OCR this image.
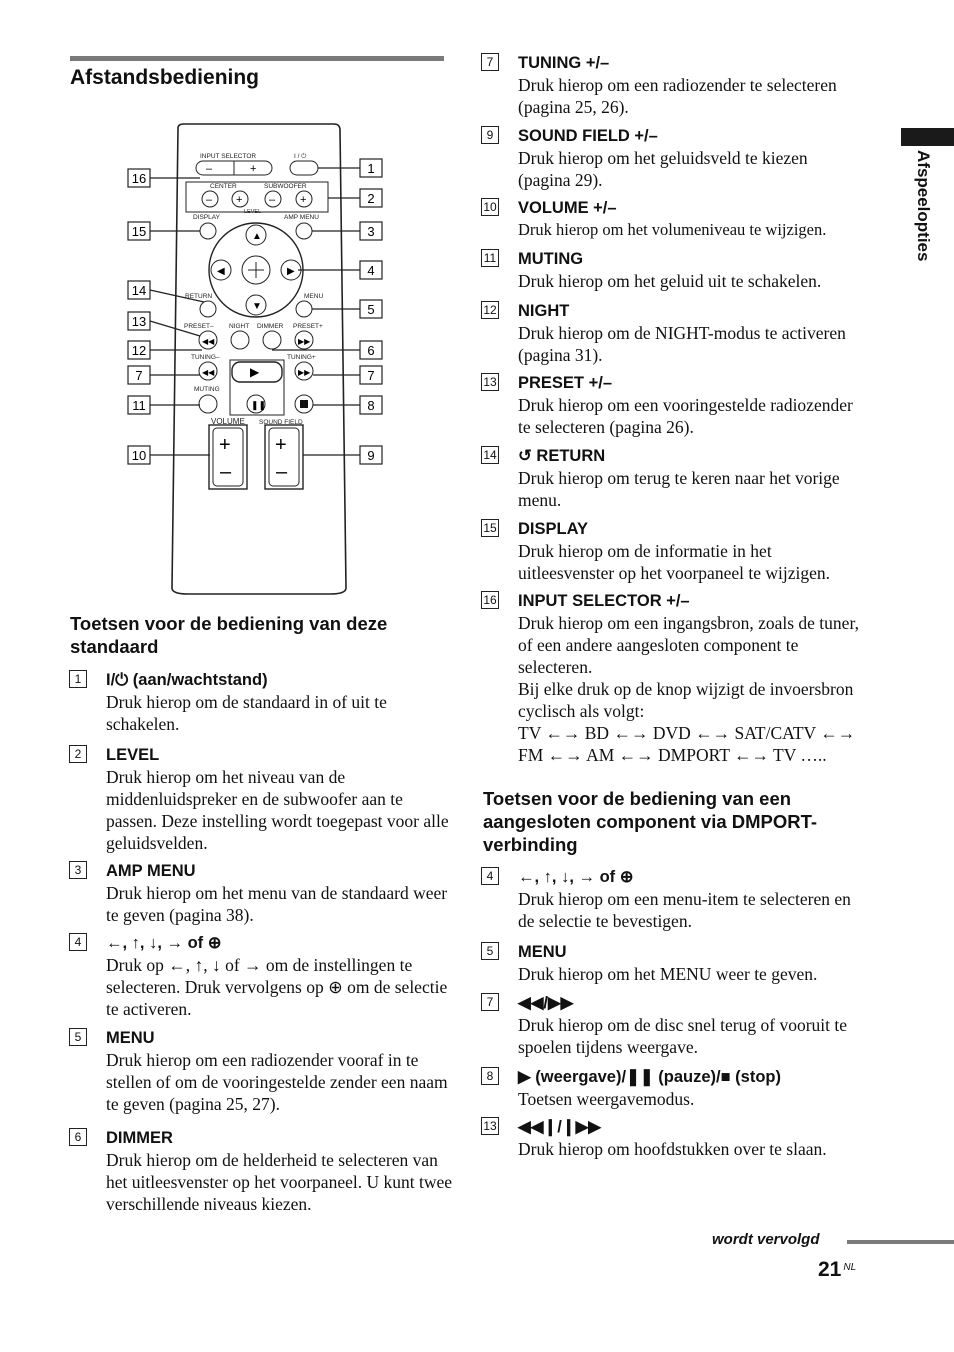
Afstandsbediening
INPUT SELECTOR	I / ⏻
CENTER	SUBWOOFER
LEVEL
DISPLAY	AMP MENU
RETURN	MENU
PRESET– NIGHT DIMMER PRESET+
TUNING–	TUNING+
MUTING
VOLUME SOUND FIELD
–	+
– + – +
▲
▼
◀	▶
◀◀	▶▶
◀◀	▶▶
▶
❚❚
+
–
+
–
16
15
14
13
12
7
11
10
1
2
3
4
5
6
7
8
9
Toetsen voor de bediening van deze standaard
1	I/⏻ (aan/wachtstand)
Druk hierop om de standaard in of uit te schakelen.
2	LEVEL
Druk hierop om het niveau van de middenluidspreker en de subwoofer aan te passen. Deze instelling wordt toegepast voor alle geluidsvelden.
3	AMP MENU
Druk hierop om het menu van de standaard weer te geven (pagina 38).
4	←, ↑, ↓, → of ⊕
Druk op ←, ↑, ↓ of → om de instellingen te selecteren. Druk vervolgens op ⊕ om de selectie te activeren.
5	MENU
Druk hierop om een radiozender vooraf in te stellen of om de vooringestelde zender een naam te geven (pagina 25, 27).
6	DIMMER
Druk hierop om de helderheid te selecteren van het uitleesvenster op het voorpaneel. U kunt twee verschillende niveaus kiezen.
7	TUNING +/–
Druk hierop om een radiozender te selecteren (pagina 25, 26).
9	SOUND FIELD +/–
Druk hierop om het geluidsveld te kiezen (pagina 29).
10 VOLUME +/–
Druk hierop om het volumeniveau te wijzigen.
11 MUTING
Druk hierop om het geluid uit te schakelen.
12 NIGHT
Druk hierop om de NIGHT-modus te activeren (pagina 31).
13 PRESET +/–
Druk hierop om een vooringestelde radiozender te selecteren (pagina 26).
14 ↺ RETURN
Druk hierop om terug te keren naar het vorige menu.
15 DISPLAY
Druk hierop om de informatie in het uitleesvenster op het voorpaneel te wijzigen.
16 INPUT SELECTOR +/–
Druk hierop om een ingangsbron, zoals de tuner, of een andere aangesloten component te selecteren.
Bij elke druk op de knop wijzigt de invoersbron cyclisch als volgt:
TV ←→ BD ←→ DVD ←→ SAT/CATV ←→ FM ←→ AM ←→ DMPORT ←→ TV …..
Toetsen voor de bediening van een aangesloten component via DMPORT-verbinding
4	←, ↑, ↓, → of ⊕
Druk hierop om een menu-item te selecteren en de selectie te bevestigen.
5	MENU
Druk hierop om het MENU weer te geven.
7	◀◀/▶▶
Druk hierop om de disc snel terug of vooruit te spoelen tijdens weergave.
8	▶ (weergave)/❚❚ (pauze)/■ (stop)
Toetsen weergavemodus.
13 ◀◀❙/❙▶▶
Druk hierop om hoofdstukken over te slaan.
Afspeelopties
wordt vervolgd
21 $^{NL}$
